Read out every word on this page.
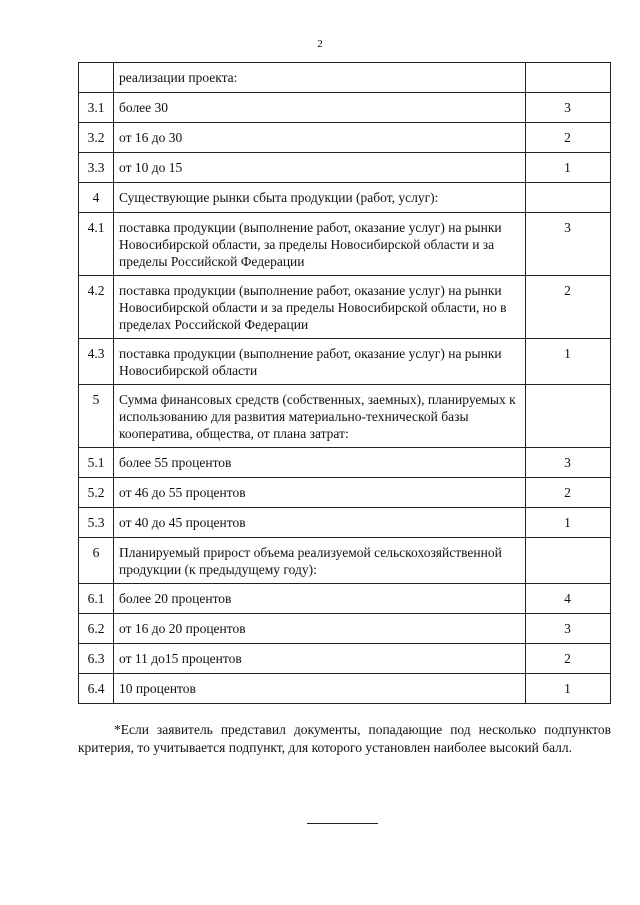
2
	реализации проекта:	
3.1	более 30	3
3.2	от 16 до 30	2
3.3	от 10 до 15	1
4	Существующие рынки сбыта продукции (работ, услуг):	
4.1	поставка продукции (выполнение работ, оказание услуг) на рынки Новосибирской области, за пределы Новосибирской области и за пределы Российской Федерации	3
4.2	поставка продукции (выполнение работ, оказание услуг) на рынки Новосибирской области и за пределы Новосибирской области, но в пределах Российской Федерации	2
4.3	поставка продукции (выполнение работ, оказание услуг) на рынки Новосибирской области	1
5	Сумма финансовых средств (собственных, заемных), планируемых к использованию для развития материально-технической базы кооператива, общества, от плана затрат:	
5.1	более 55 процентов	3
5.2	от 46 до 55 процентов	2
5.3	от 40 до 45 процентов	1
6	Планируемый прирост объема реализуемой сельскохозяйственной продукции (к предыдущему году):	
6.1	более 20 процентов	4
6.2	от 16 до 20 процентов	3
6.3	от 11 до15 процентов	2
6.4	10 процентов	1

*Если заявитель представил документы, попадающие под несколько подпунктов критерия, то учитывается подпункт, для которого установлен наиболее высокий балл.
